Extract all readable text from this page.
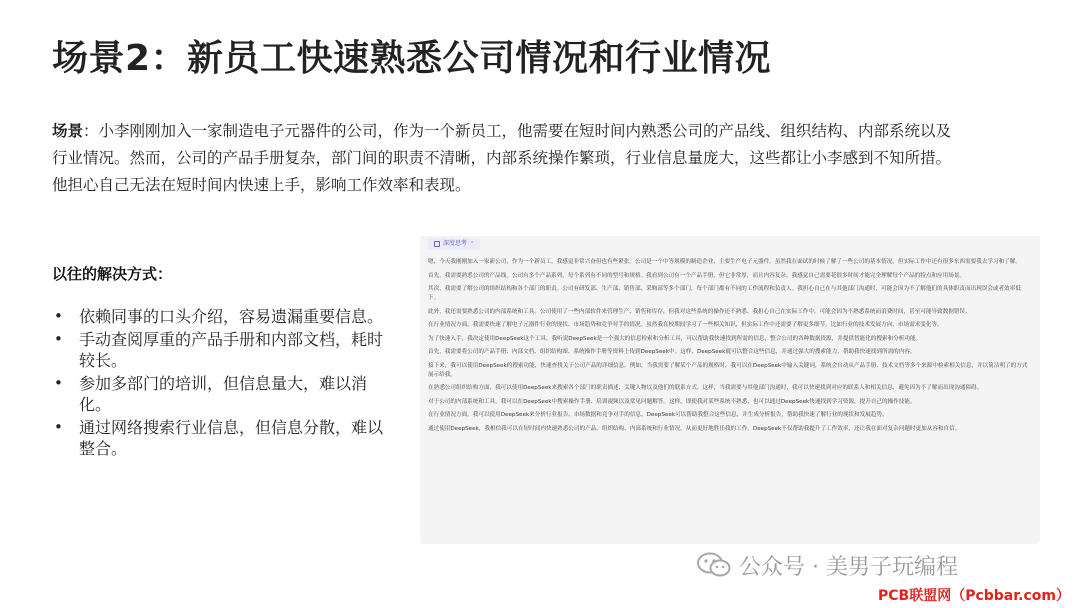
场景2：新员工快速熟悉公司情况和行业情况
场景：小李刚刚加入一家制造电子元器件的公司，作为一个新员工，他需要在短时间内熟悉公司的产品线、组织结构、内部系统以及行业情况。然而，公司的产品手册复杂，部门间的职责不清晰，内部系统操作繁琐，行业信息量庞大，这些都让小李感到不知所措。他担心自己无法在短时间内快速上手，影响工作效率和表现。
以往的解决方式：
• 依赖同事的口头介绍，容易遗漏重要信息。
• 手动查阅厚重的产品手册和内部文档，耗时较长。
• 参加多部门的培训，但信息量大，难以消化。
• 通过网络搜索行业信息，但信息分散，难以整合。
深度思考 ⌃

嗯，今天我刚刚加入一家新公司，作为一个新员工，我感觉非常兴奋但也有些紧张。公司是一个中等规模的制造企业，主要生产电子元器件。虽然我在面试的时候了解了一些公司的基本情况，但实际工作中还有很多东西需要我去学习和了解。

首先，我需要熟悉公司的产品线。公司有多个产品系列，每个系列有不同的型号和规格。我看到公司有一个产品手册，但它非常厚，而且内容复杂，我感觉自己需要花很多时间才能完全理解每个产品的特点和应用场景。

其次，我需要了解公司的组织结构和各个部门的职责。公司有研发部、生产部、销售部、采购部等多个部门，每个部门都有不同的工作流程和负责人。我担心自己在与其他部门沟通时，可能会因为不了解他们的具体职责而出现误会或者效率低下。

此外，我还需要熟悉公司的内部系统和工具。公司使用了一些内部软件来管理生产、销售和库存，但我对这些系统的操作还不熟悉。我担心自己在实际工作中，可能会因为不熟悉系统而浪费时间，甚至可能导致数据错误。

在行业情况方面，我需要快速了解电子元器件行业的现状、市场趋势和竞争对手的情况。虽然我在校期间学习了一些相关知识，但实际工作中还需要了解更多细节，比如行业的技术发展方向、市场需求变化等。

为了快速入手，我决定使用DeepSeek这个工具。我听说DeepSeek是一个强大的信息检索和分析工具，可以帮助我快速找到所需的信息，整合公司的各种数据资源，并提供智能化的搜索和分析功能。

首先，我需要将公司的产品手册、内部文档、组织结构图、系统操作手册等资料上传到DeepSeek中。这样，DeepSeek就可以整合这些信息，并通过强大的搜索能力，帮助我快速找到所需的内容。

接下来，我可以使用DeepSeek的搜索功能，快速查找关于公司产品的详细信息。例如，当我需要了解某个产品的规格时，我可以在DeepSeek中输入关键词，系统会自动从产品手册、技术文档等多个来源中检索相关信息，并以简洁明了的方式展示给我。

在熟悉公司组织结构方面，我可以使用DeepSeek来搜索各个部门的职责描述、关键人物以及他们的联系方式。这样，当我需要与其他部门沟通时，我可以快速找到对应的联系人和相关信息，避免因为不了解而出现沟通障碍。

对于公司的内部系统和工具，我可以在DeepSeek中搜索操作手册、培训视频以及常见问题解答。这样，即使我对某些系统不熟悉，也可以通过DeepSeek快速找到学习资源，提升自己的操作技能。

在行业情况方面，我可以使用DeepSeek来分析行业报告、市场数据和竞争对手的信息。DeepSeek可以帮助我整合这些信息，并生成分析报告，帮助我快速了解行业的现状和发展趋势。

通过使用DeepSeek，我相信我可以在短时间内快速熟悉公司的产品、组织结构、内部系统和行业情况，从而更好地胜任我的工作。DeepSeek不仅帮助我提升了工作效率，还让我在面对复杂问题时更加从容和自信。

公众号 · 美男子玩编程
PCB联盟网（Pcbbar.com）
